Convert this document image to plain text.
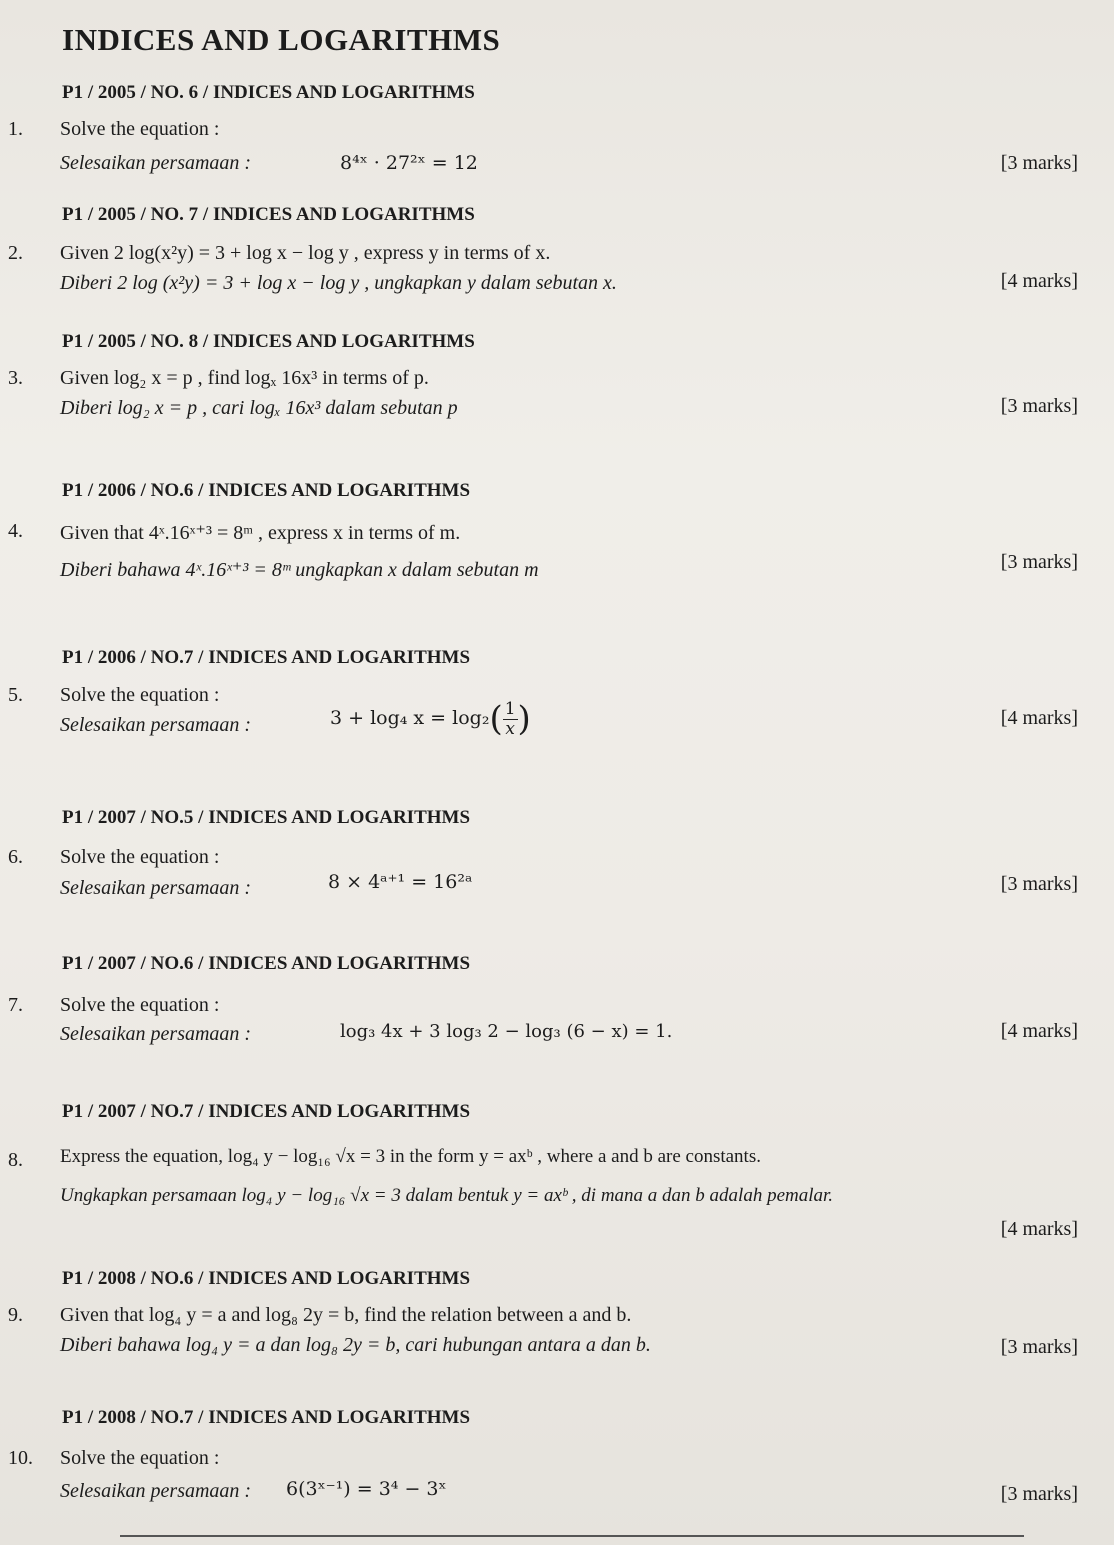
INDICES AND LOGARITHMS
P1 / 2005 / NO. 6 / INDICES AND LOGARITHMS
1. Solve the equation :
Selesaikan persamaan :	8⁴ˣ · 27²ˣ = 12	[3 marks]
P1 / 2005 / NO. 7 / INDICES AND LOGARITHMS
2. Given 2 log(x²y) = 3 + log x − log y , express y in terms of x.
Diberi 2 log (x²y) = 3 + log x − log y , ungkapkan y dalam sebutan x.	[4 marks]
P1 / 2005 / NO. 8 / INDICES AND LOGARITHMS
3. Given log₂ x = p , find logₓ 16x³ in terms of p.
Diberi log₂ x = p , cari logₓ 16x³ dalam sebutan p	[3 marks]
P1 / 2006 / NO.6 / INDICES AND LOGARITHMS
4. Given that 4ˣ.16ˣ⁺³ = 8ᵐ , express x in terms of m.
Diberi bahawa 4ˣ.16ˣ⁺³ = 8ᵐ ungkapkan x dalam sebutan m	[3 marks]
P1 / 2006 / NO.7 / INDICES AND LOGARITHMS
5. Solve the equation :
Selesaikan persamaan :	3 + log₄ $x = \log_2( \frac{1}{x}$ )	[4 marks]
P1 / 2007 / NO.5 / INDICES AND LOGARITHMS
6. Solve the equation :
Selesaikan persamaan :	8 × 4ᵃ⁺¹ = 16²ᵃ	[3 marks]
P1 / 2007 / NO.6 / INDICES AND LOGARITHMS
7. Solve the equation :
Selesaikan persamaan :	log₃ 4x + 3 log₃ 2 − log₃ (6 − x) = 1.	[4 marks]
P1 / 2007 / NO.7 / INDICES AND LOGARITHMS
8. Express the equation, log₄ y − log₁₆ √x = 3 in the form y = axᵇ , where a and b are constants.
Ungkapkan persamaan log₄ y − log₁₆ √x = 3 dalam bentuk y = axᵇ , di mana a dan b adalah pemalar.
[4 marks]
P1 / 2008 / NO.6 / INDICES AND LOGARITHMS
9. Given that log₄ y = a and log₈ 2y = b, find the relation between a and b.
Diberi bahawa log₄ y = a dan log₈ 2y = b, cari hubungan antara a dan b.	[3 marks]
P1 / 2008 / NO.7 / INDICES AND LOGARITHMS
10. Solve the equation :
Selesaikan persamaan : 6(3ˣ⁻¹) = 3⁴ − 3ˣ	[3 marks]
